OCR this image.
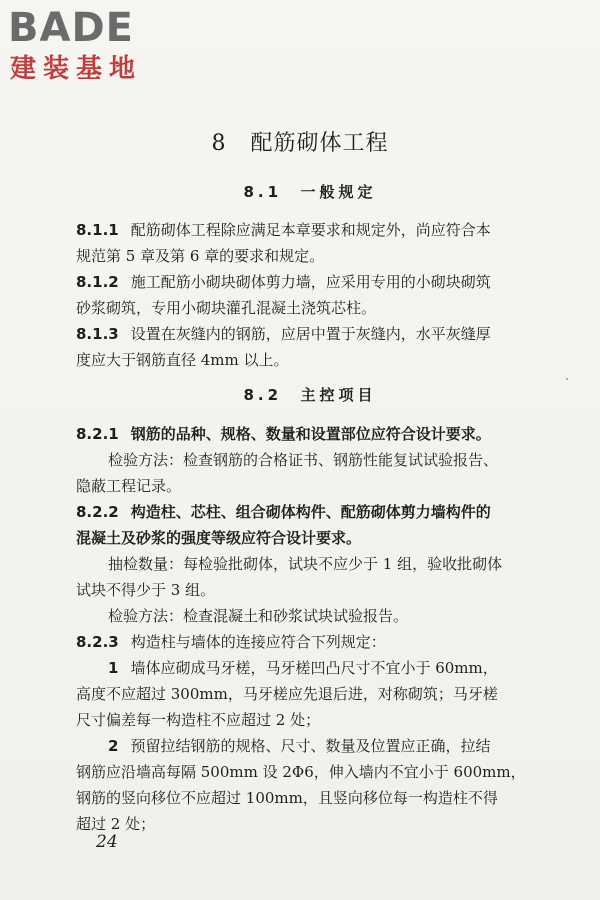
BADE
建装基地
8   配筋砌体工程
8.1  一般规定
8.1.1 配筋砌体工程除应满足本章要求和规定外，尚应符合本
规范第 5 章及第 6 章的要求和规定。
8.1.2 施工配筋小砌块砌体剪力墙，应采用专用的小砌块砌筑
砂浆砌筑，专用小砌块灌孔混凝土浇筑芯柱。
8.1.3 设置在灰缝内的钢筋，应居中置于灰缝内，水平灰缝厚
度应大于钢筋直径 4mm 以上。
8.2  主控项目
8.2.1 钢筋的品种、规格、数量和设置部位应符合设计要求。
检验方法：检查钢筋的合格证书、钢筋性能复试试验报告、
隐蔽工程记录。
8.2.2 构造柱、芯柱、组合砌体构件、配筋砌体剪力墙构件的
混凝土及砂浆的强度等级应符合设计要求。
抽检数量：每检验批砌体，试块不应少于 1 组，验收批砌体
试块不得少于 3 组。
检验方法：检查混凝土和砂浆试块试验报告。
8.2.3 构造柱与墙体的连接应符合下列规定：
1 墙体应砌成马牙槎，马牙槎凹凸尺寸不宜小于 60mm，
高度不应超过 300mm，马牙槎应先退后进，对称砌筑；马牙槎
尺寸偏差每一构造柱不应超过 2 处；
2 预留拉结钢筋的规格、尺寸、数量及位置应正确，拉结
钢筋应沿墙高每隔 500mm 设 2Φ6，伸入墙内不宜小于 600mm，
钢筋的竖向移位不应超过 100mm，且竖向移位每一构造柱不得
超过 2 处；
24
